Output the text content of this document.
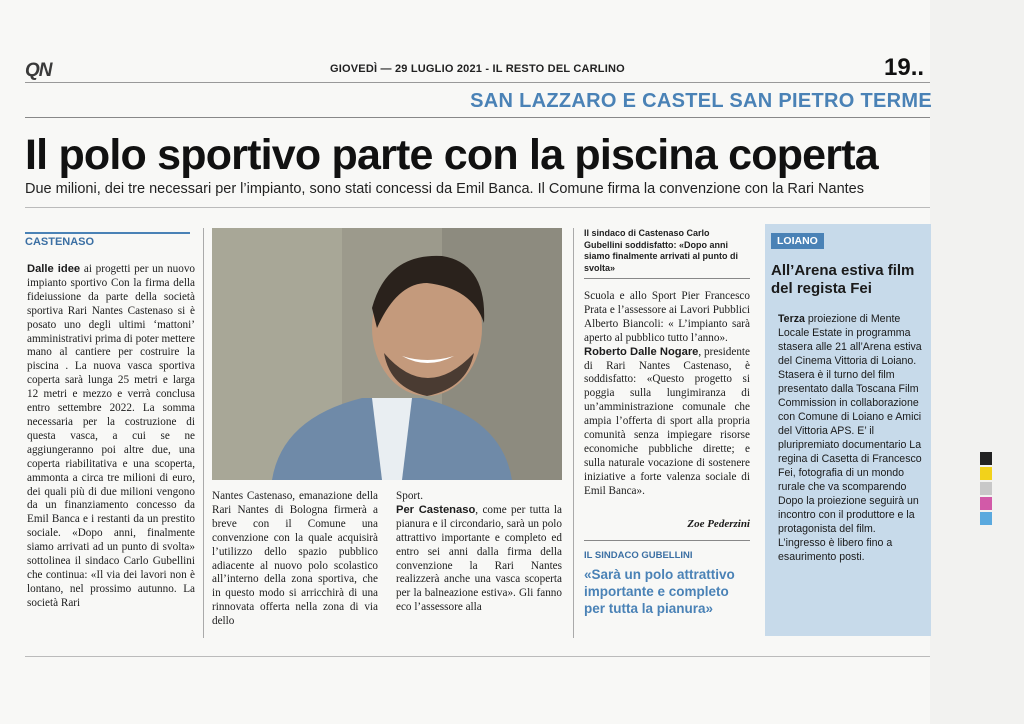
QN	GIOVEDÌ — 29 LUGLIO 2021 - IL RESTO DEL CARLINO	19..
SAN LAZZARO E CASTEL SAN PIETRO TERME
Il polo sportivo parte con la piscina coperta
Due milioni, dei tre necessari per l’impianto, sono stati concessi da Emil Banca. Il Comune firma la convenzione con la Rari Nantes
CASTENASO

Dalle idee ai progetti per un nuovo impianto sportivo Con la firma della fideiussione da parte della società sportiva Rari Nantes Castenaso si è posato uno degli ultimi ‘mattoni’ amministrativi prima di poter mettere mano al cantiere per costruire la piscina . La nuova vasca sportiva coperta sarà lunga 25 metri e larga 12 metri e mezzo e verrà conclusa entro settembre 2022. La somma necessaria per la costruzione di questa vasca, a cui se ne aggiungeranno poi altre due, una coperta riabilitativa e una scoperta, ammonta a circa tre milioni di euro, dei quali più di due milioni vengono da un finanziamento concesso da Emil Banca e i restanti da un prestito sociale. «Dopo anni, finalmente siamo arrivati ad un punto di svolta» sottolinea il sindaco Carlo Gubellini che continua: «Il via dei lavori non è lontano, nel prossimo autunno. La società Rari

Nantes Castenaso, emanazione della Rari Nantes di Bologna firmerà a breve con il Comune una convenzione con la quale acquisirà l’utilizzo dello spazio pubblico adiacente al nuovo polo scolastico all’interno della zona sportiva, che in questo modo si arricchirà di una rinnovata offerta nella zona di via dello

Sport.
Per Castenaso, come per tutta la pianura e il circondario, sarà un polo attrattivo importante e completo ed entro sei anni dalla firma della convenzione la Rari Nantes realizzerà anche una vasca scoperta per la balneazione estiva». Gli fanno eco l’assessore alla

Il sindaco di Castenaso Carlo Gubellini soddisfatto: «Dopo anni siamo finalmente arrivati al punto di svolta»

Scuola e allo Sport Pier Francesco Prata e l’assessore ai Lavori Pubblici Alberto Biancoli: « L’impianto sarà aperto al pubblico tutto l’anno».
Roberto Dalle Nogare, presidente di Rari Nantes Castenaso, è soddisfatto: «Questo progetto si poggia sulla lungimiranza di un’amministrazione comunale che ampia l’offerta di sport alla propria comunità senza impiegare risorse economiche pubbliche dirette; e sulla naturale vocazione di sostenere iniziative a forte valenza sociale di Emil Banca».

Zoe Pederzini
IL SINDACO GUBELLINI
«Sarà un polo attrattivo importante e completo per tutta la pianura»
LOIANO
All’Arena estiva film del regista Fei
Terza proiezione di Mente Locale Estate in programma stasera alle 21 all’Arena estiva del Cinema Vittoria di Loiano. Stasera è il turno del film presentato dalla Toscana Film Commission in collaborazione con Comune di Loiano e Amici del Vittoria APS. E’ il pluripremiato documentario La regina di Casetta di Francesco Fei, fotografia di un mondo rurale che va scomparendo Dopo la proiezione seguirà un incontro con il produttore e la protagonista del film. L’ingresso è libero fino a esaurimento posti.
